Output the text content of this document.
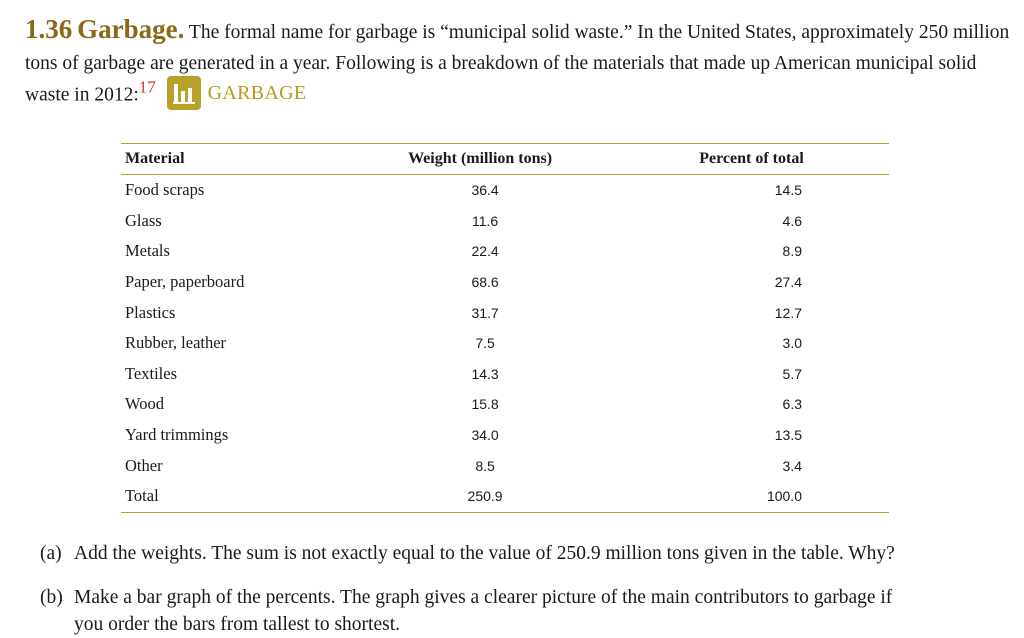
1.36 Garbage. The formal name for garbage is “municipal solid waste.” In the United States, approximately 250 million tons of garbage are generated in a year. Following is a breakdown of the materials that made up American municipal solid waste in 2012:$^{17}$	GARBAGE
Material	Weight (million tons)	Percent of total
Food scraps	36.4	14.5
Glass	11.6	4.6
Metals	22.4	8.9
Paper, paperboard	68.6	27.4
Plastics	31.7	12.7
Rubber, leather	7.5	3.0
Textiles	14.3	5.7
Wood	15.8	6.3
Yard trimmings	34.0	13.5
Other	8.5	3.4
Total	250.9	100.0
(a) Add the weights. The sum is not exactly equal to the value of 250.9 million tons given in the table. Why?
(b) Make a bar graph of the percents. The graph gives a clearer picture of the main contributors to garbage if
you order the bars from tallest to shortest.
